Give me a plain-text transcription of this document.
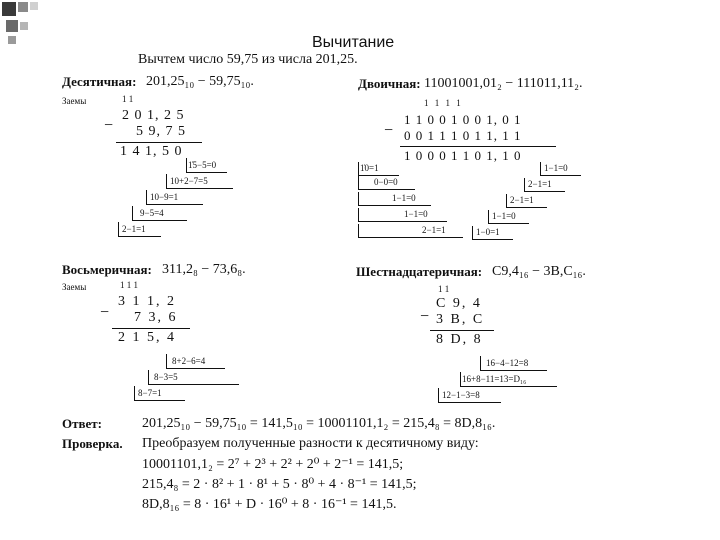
Вычитание
Вычтем число 59,75 из числа 201,25.
Десятичная: 201,25₁₀ − 59,75₁₀.
Заемы	1 1
−
2 0 1, 2 5
5 9, 7 5
1 4 1, 5 0
1̇5−5=0
10+2−7=5
10−9=1
9−5=4
2−1=1
Двоичная: 11001001,01₂ − 111011,11₂.
1 1 1 1
−
1 1 0 0 1 0 0 1, 0 1
0 0 1 1 1 0 1 1, 1 1
1 0 0 0 1 1 0 1, 1 0
1̇0=1
0−0=0
1−1=0
1−1=0
2−1=1
1−1=0
2−1=1
2−1=1
1−1=0
1−0=1
Восьмеричная: 311,2₈ − 73,6₈.
Заемы	1 1 1
−
3 1 1, 2
7 3, 6
2 1 5, 4
8+2−6=4
8−3=5
8−7=1
Шестнадцатеричная: C9,4₁₆ − 3B,C₁₆.
1 1
−
C 9, 4
3 B, C
8 D, 8
16−4−12=8
16+8−11=13=D₁₆
12−1−3=8
Ответ:	201,25₁₀ − 59,75₁₀ = 141,5₁₀ = 10001101,1₂ = 215,4₈ = 8D,8₁₆.
Проверка. Преобразуем полученные разности к десятичному виду:
10001101,1₂ = 2⁷ + 2³ + 2² + 2⁰ + 2⁻¹ = 141,5;
215,4₈ = 2 · 8² + 1 · 8¹ + 5 · 8⁰ + 4 · 8⁻¹ = 141,5;
8D,8₁₆ = 8 · 16¹ + D · 16⁰ + 8 · 16⁻¹ = 141,5.
